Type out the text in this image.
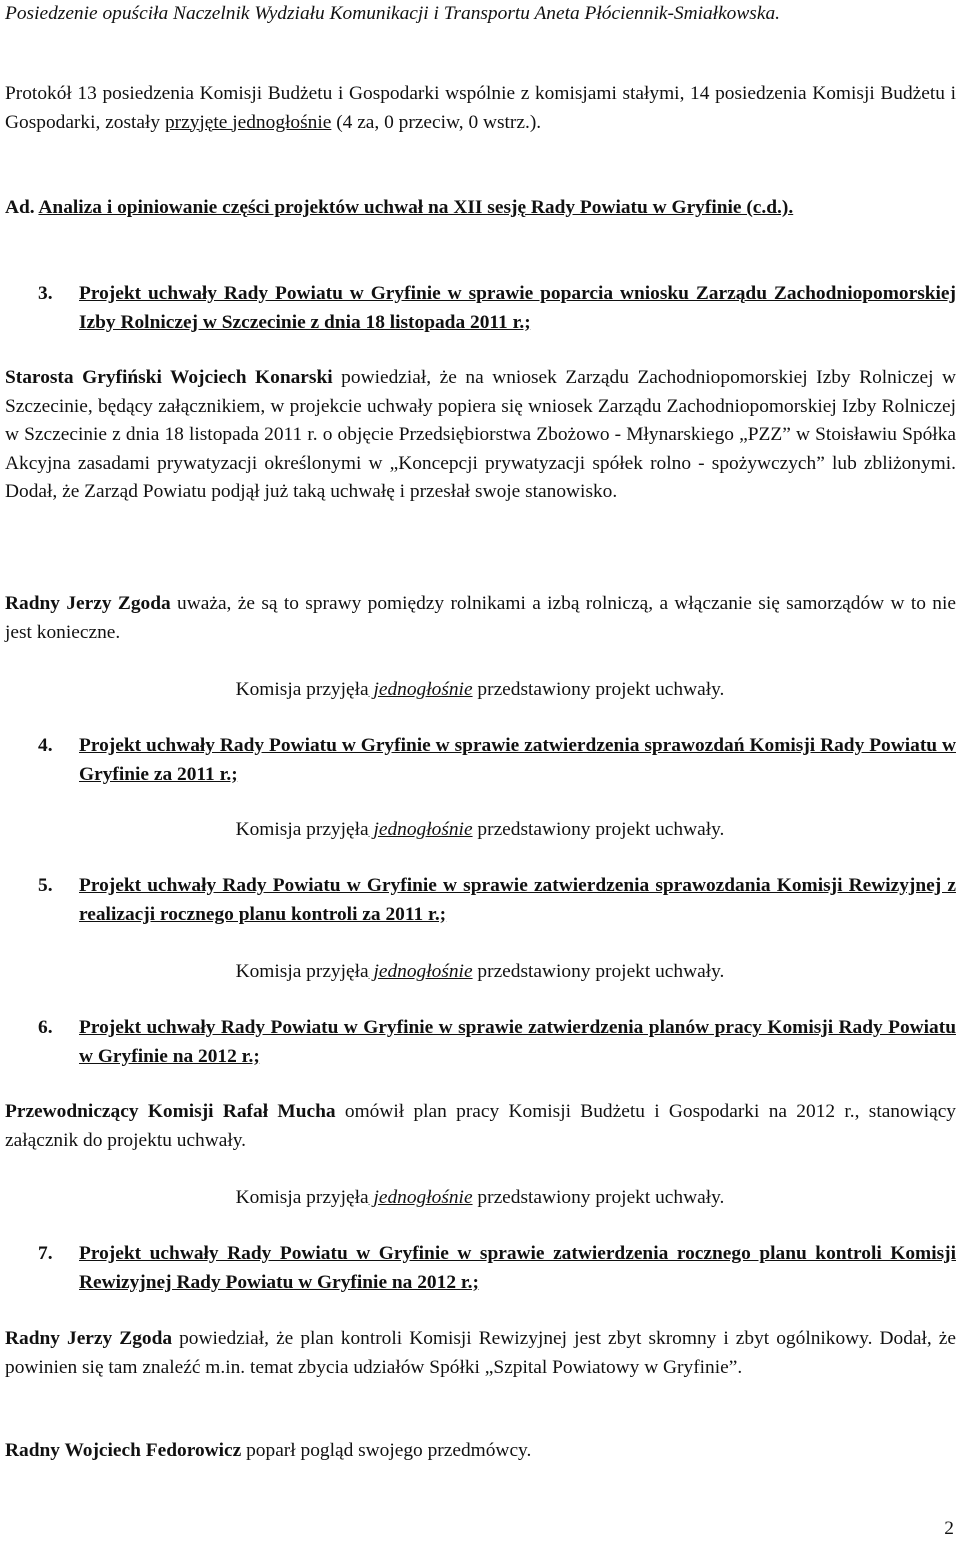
Posiedzenie opuściła Naczelnik Wydziału Komunikacji i Transportu Aneta Płóciennik-Smiałkowska.

Protokół 13 posiedzenia Komisji Budżetu i Gospodarki wspólnie z komisjami stałymi, 14 posiedzenia Komisji Budżetu i Gospodarki, zostały przyjęte jednogłośnie (4 za, 0 przeciw, 0 wstrz.).

Ad. Analiza i opiniowanie części projektów uchwał na XII sesję Rady Powiatu w Gryfinie (c.d.).

3. Projekt uchwały Rady Powiatu w Gryfinie w sprawie poparcia wniosku Zarządu Zachodniopomorskiej Izby Rolniczej w Szczecinie z dnia 18 listopada 2011 r.;

Starosta Gryfiński Wojciech Konarski powiedział, że na wniosek Zarządu Zachodniopomorskiej Izby Rolniczej w Szczecinie, będący załącznikiem, w projekcie uchwały popiera się wniosek Zarządu Zachodniopomorskiej Izby Rolniczej w Szczecinie z dnia 18 listopada 2011 r. o objęcie Przedsiębiorstwa Zbożowo - Młynarskiego „PZZ” w Stoisławiu Spółka Akcyjna zasadami prywatyzacji określonymi w „Koncepcji prywatyzacji spółek rolno - spożywczych” lub zbliżonymi. Dodał, że Zarząd Powiatu podjął już taką uchwałę i przesłał swoje stanowisko.

Radny Jerzy Zgoda uważa, że są to sprawy pomiędzy rolnikami a izbą rolniczą, a włączanie się samorządów w to nie jest konieczne.

Komisja przyjęła jednogłośnie przedstawiony projekt uchwały.

4. Projekt uchwały Rady Powiatu w Gryfinie w sprawie zatwierdzenia sprawozdań Komisji Rady Powiatu w Gryfinie za 2011 r.;

Komisja przyjęła jednogłośnie przedstawiony projekt uchwały.

5. Projekt uchwały Rady Powiatu w Gryfinie w sprawie zatwierdzenia sprawozdania Komisji Rewizyjnej z realizacji rocznego planu kontroli za 2011 r.;

Komisja przyjęła jednogłośnie przedstawiony projekt uchwały.

6. Projekt uchwały Rady Powiatu w Gryfinie w sprawie zatwierdzenia planów pracy Komisji Rady Powiatu w Gryfinie na 2012 r.;

Przewodniczący Komisji Rafał Mucha omówił plan pracy Komisji Budżetu i Gospodarki na 2012 r., stanowiący załącznik do projektu uchwały.

Komisja przyjęła jednogłośnie przedstawiony projekt uchwały.

7. Projekt uchwały Rady Powiatu w Gryfinie w sprawie zatwierdzenia rocznego planu kontroli Komisji Rewizyjnej Rady Powiatu w Gryfinie na 2012 r.;

Radny Jerzy Zgoda powiedział, że plan kontroli Komisji Rewizyjnej jest zbyt skromny i zbyt ogólnikowy. Dodał, że powinien się tam znaleźć m.in. temat zbycia udziałów Spółki „Szpital Powiatowy w Gryfinie”.

Radny Wojciech Fedorowicz poparł pogląd swojego przedmówcy.

2
